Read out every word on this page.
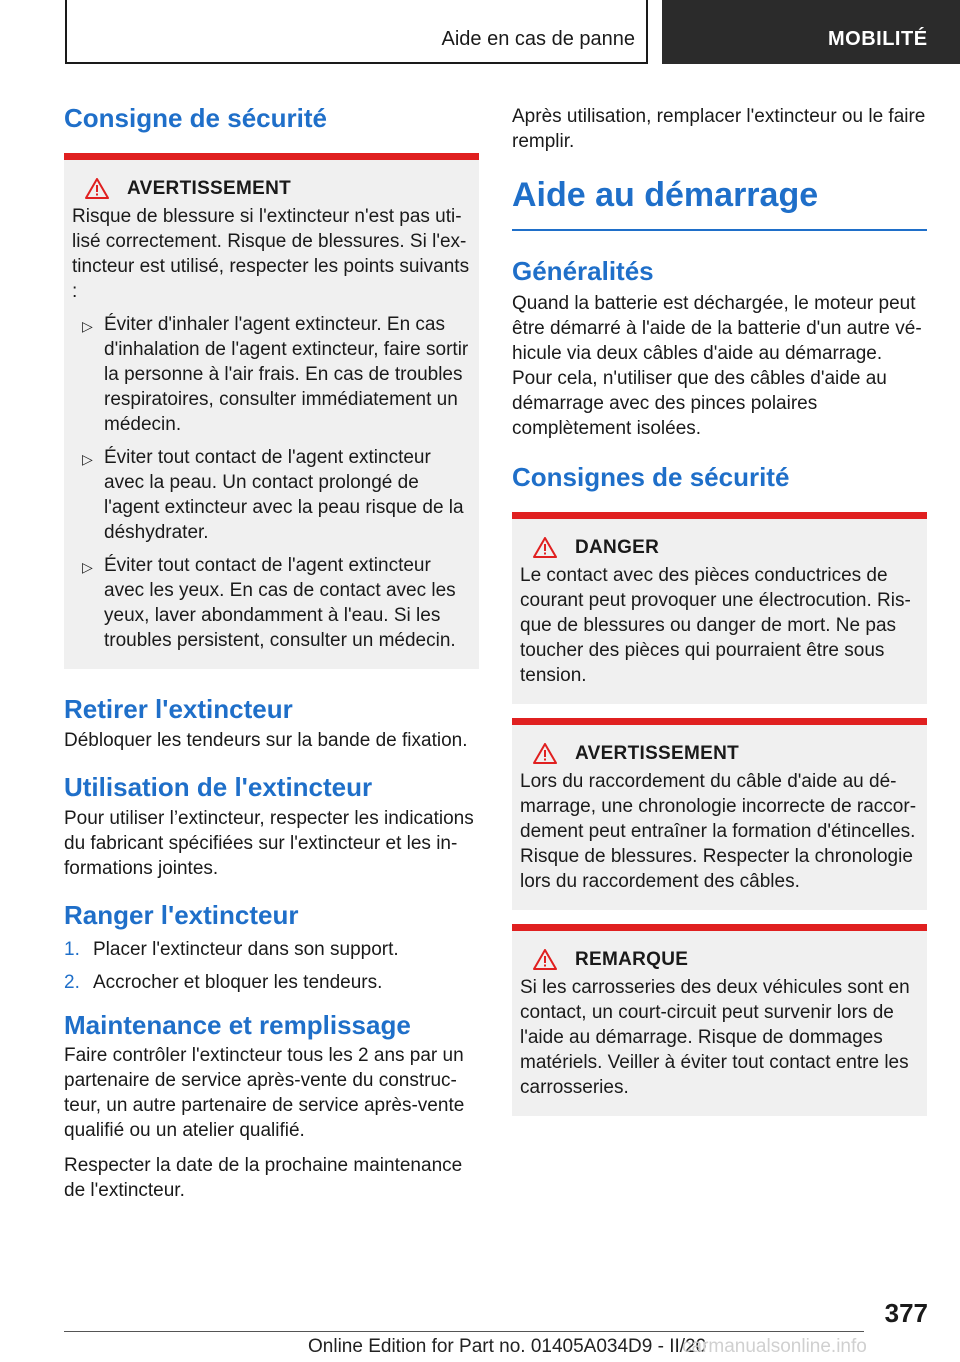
Aide en cas de panne	MOBILITÉ
Consigne de sécurité
AVERTISSEMENT

Risque de blessure si l'extincteur n'est pas utilisé correctement. Risque de blessures. Si l'extincteur est utilisé, respecter les points suivants :

▷ Éviter d'inhaler l'agent extincteur. En cas d'inhalation de l'agent extincteur, faire sortir la personne à l'air frais. En cas de troubles respiratoires, consulter immédiatement un médecin.
▷ Éviter tout contact de l'agent extincteur avec la peau. Un contact prolongé de l'agent extincteur avec la peau risque de la déshydrater.
▷ Éviter tout contact de l'agent extincteur avec les yeux. En cas de contact avec les yeux, laver abondamment à l'eau. Si les troubles persistent, consulter un médecin.
Retirer l'extincteur

Débloquer les tendeurs sur la bande de fixation.

Utilisation de l'extincteur

Pour utiliser l’extincteur, respecter les indications du fabricant spécifiées sur l'extincteur et les informations jointes.

Ranger l'extincteur
1. Placer l'extincteur dans son support.
2. Accrocher et bloquer les tendeurs.
Maintenance et remplissage

Faire contrôler l'extincteur tous les 2 ans par un partenaire de service après-vente du constructeur, un autre partenaire de service après-vente qualifié ou un atelier qualifié.

Respecter la date de la prochaine maintenance de l'extincteur.

Après utilisation, remplacer l'extincteur ou le faire remplir.

Aide au démarrage
Généralités

Quand la batterie est déchargée, le moteur peut être démarré à l'aide de la batterie d'un autre véhicule via deux câbles d'aide au démarrage. Pour cela, n'utiliser que des câbles d'aide au démarrage avec des pinces polaires complètement isolées.

Consignes de sécurité
DANGER

Le contact avec des pièces conductrices de courant peut provoquer une électrocution. Risque de blessures ou danger de mort. Ne pas toucher des pièces qui pourraient être sous tension.

AVERTISSEMENT

Lors du raccordement du câble d'aide au démarrage, une chronologie incorrecte de raccordement peut entraîner la formation d'étincelles. Risque de blessures. Respecter la chronologie lors du raccordement des câbles.

REMARQUE

Si les carrosseries des deux véhicules sont en contact, un court-circuit peut survenir lors de l'aide au démarrage. Risque de dommages matériels. Veiller à éviter tout contact entre les carrosseries.

377
Online Edition for Part no. 01405A034D9 - II/20
carmanualsonline.info
